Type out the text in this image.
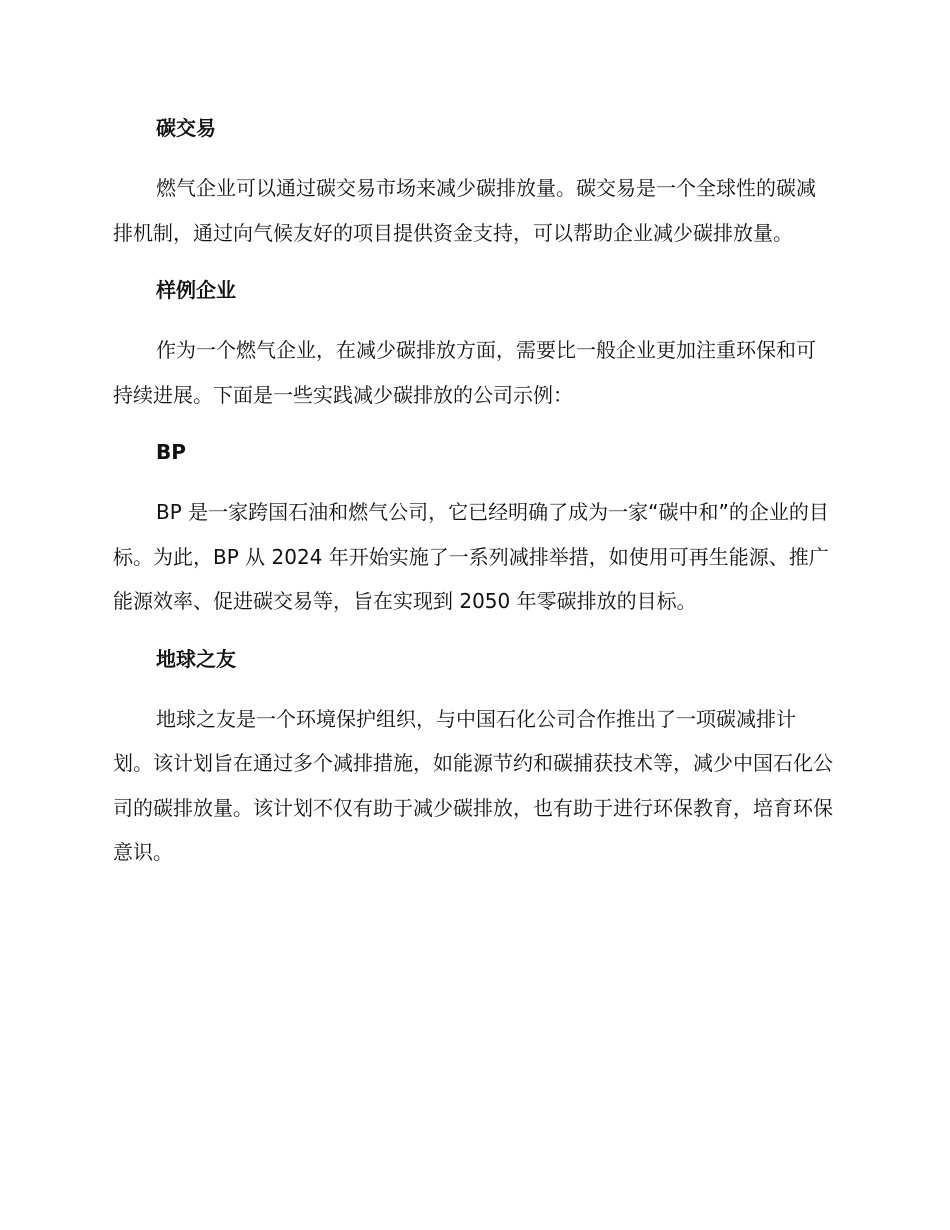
碳交易
燃气企业可以通过碳交易市场来减少碳排放量。碳交易是一个全球性的碳减排机制，通过向气候友好的项目提供资金支持，可以帮助企业减少碳排放量。
样例企业
作为一个燃气企业，在减少碳排放方面，需要比一般企业更加注重环保和可持续进展。下面是一些实践减少碳排放的公司示例：
BP
BP 是一家跨国石油和燃气公司，它已经明确了成为一家“碳中和”的企业的目标。为此，BP 从 2024 年开始实施了一系列减排举措，如使用可再生能源、推广能源效率、促进碳交易等，旨在实现到 2050 年零碳排放的目标。
地球之友
地球之友是一个环境保护组织，与中国石化公司合作推出了一项碳减排计划。该计划旨在通过多个减排措施，如能源节约和碳捕获技术等，减少中国石化公司的碳排放量。该计划不仅有助于减少碳排放，也有助于进行环保教育，培育环保意识。
